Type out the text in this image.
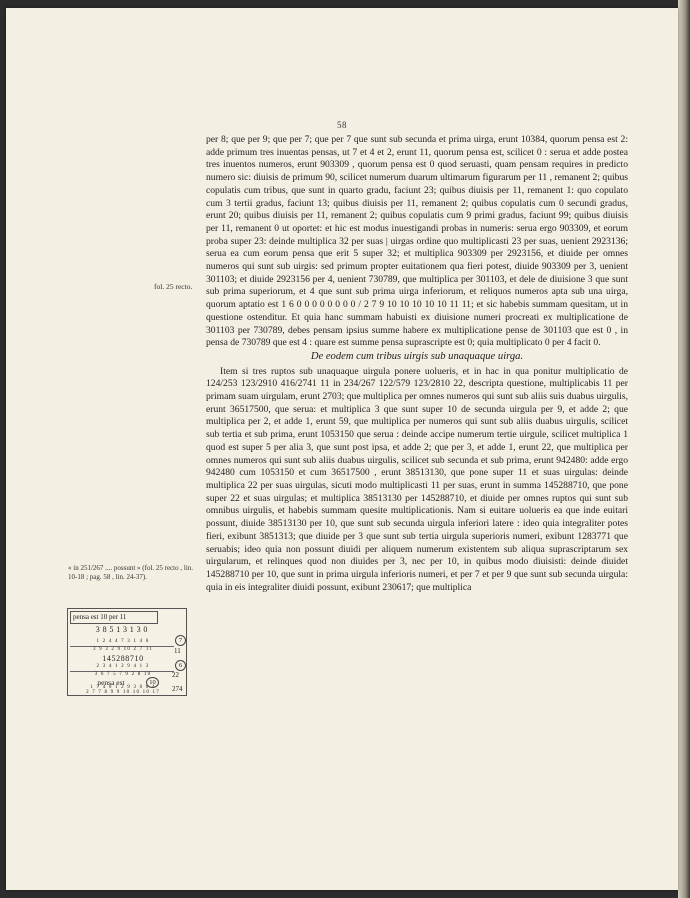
58
fol. 25 recto.
« in 251/267 .... possunt » (fol. 25 recto , lin. 10-18 ; pag. 58 , lin. 24-37).
pensa est 10 per 11
38513130
1 2 4 4 7 3 1 4 6
3 9 3 2 9 10 2 7 11
145288710
2 3 4 1 2 9 4 1 3
3 6 7 5 7 9 2 8 10
pensa est
1 7 4 0 1 2 9 3 0 6 4
2 7 7 8 9 9 10 10 10 17
7
6
10
11
22
274

per 8; que per 9; que per 7; que per 7 que sunt sub secunda et prima uirga, erunt 10384, quorum pensa est 2: adde primum tres inuentas pensas, ut 7 et 4 et 2, erunt 11, quorum pensa est, scilicet 0 : serua et adde postea tres inuentos numeros, erunt 903309 , quorum pensa est 0 quod seruasti, quam pensam requires in predicto numero sic: diuisis de primum 90, scilicet numerum duarum ultimarum figurarum per 11 , remanent 2; quibus copulatis cum tribus, que sunt in quarto gradu, faciunt 23; quibus diuisis per 11, remanent 1: quo copulato cum 3 tertii gradus, faciunt 13; quibus diuisis per 11, remanent 2; quibus copulatis cum 0 secundi gradus, erunt 20; quibus diuisis per 11, remanent 2; quibus copulatis cum 9 primi gradus, faciunt 99; quibus diuisis per 11, remanent 0 ut oportet: et hic est modus inuestigandi probas in numeris: serua ergo 903309, et eorum proba super 23: deinde multiplica 32 per suas | uirgas ordine quo multiplicasti 23 per suas, uenient 2923136; serua ea cum eorum pensa que erit 5 super 32; et multiplica 903309 per 2923156, et diuide per omnes numeros qui sunt sub uirgis: sed primum propter euitationem qua fieri potest, diuide 903309 per 3, uenient 301103; et diuide 2923156 per 4, uenient 730789, que multiplica per 301103, et dele de diuisione 3 que sunt sub prima superiorum, et 4 que sunt sub prima uirga inferiorum, et reliquos numeros apta sub una uirga, quorum aptatio est 1 6 0 0 0 0 0 0 0 0 / 2 7 9 10 10 10 10 10 11 11; et sic habebis summam quesitam, ut in questione ostenditur. Et quia hanc summam habuisti ex diuisione numeri procreati ex multiplicatione de 301103 per 730789, debes pensam ipsius summe habere ex multiplicatione pense de 301103 que est 0 , in pensa de 730789 que est 4 : quare est summe pensa suprascripte est 0; quia multiplicato 0 per 4 facit 0.

De eodem cum tribus uirgis sub unaquaque uirga.

Item si tres ruptos sub unaquaque uirgula ponere uolueris, et in hac in qua ponitur multiplicatio de 124/253 123/2910 416/2741 11 in 234/267 122/579 123/2810 22, descripta questione, multiplicabis 11 per primam suam uirgulam, erunt 2703; que multiplica per omnes numeros qui sunt sub aliis suis duabus uirgulis, erunt 36517500, que serua: et multiplica 3 que sunt super 10 de secunda uirgula per 9, et adde 2; que multiplica per 2, et adde 1, erunt 59, que multiplica per numeros qui sunt sub aliis duabus uirgulis, scilicet sub tertia et sub prima, erunt 1053150 que serua : deinde accipe numerum tertie uirgule, scilicet multiplica 1 quod est super 5 per alia 3, que sunt post ipsa, et adde 2; que per 3, et adde 1, erunt 22, que multiplica per omnes numeros qui sunt sub aliis duabus uirgulis, scilicet sub secunda et sub prima, erunt 942480: adde ergo 942480 cum 1053150 et cum 36517500 , erunt 38513130, que pone super 11 et suas uirgulas: deinde multiplica 22 per suas uirgulas, sicuti modo multiplicasti 11 per suas, erunt in summa 145288710, que pone super 22 et suas uirgulas; et multiplica 38513130 per 145288710, et diuide per omnes ruptos qui sunt sub omnibus uirgulis, et habebis summam quesite multiplicationis. Nam si euitare uolueris ea que inde euitari possunt, diuide 38513130 per 10, que sunt sub secunda uirgula inferiori latere : ideo quia integraliter potes fieri, exibunt 3851313; que diuide per 3 que sunt sub tertia uirgula superioris numeri, exibunt 1283771 que seruabis; ideo quia non possunt diuidi per aliquem numerum existentem sub aliqua suprascriptarum sex uirgularum, et relinques quod non diuides per 3, nec per 10, in quibus modo diuisisti: deinde diuidet 145288710 per 10, que sunt in prima uirgula inferioris numeri, et per 7 et per 9 que sunt sub secunda uirgula: quia in eis integraliter diuidi possunt, exibunt 230617; que multiplica
